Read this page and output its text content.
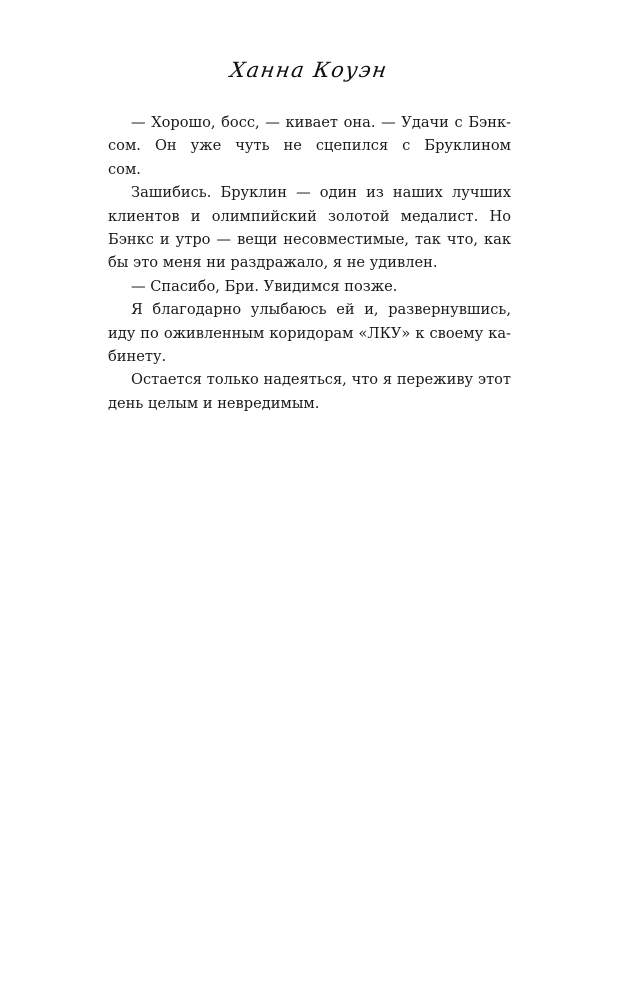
Ханна Коуэн
— Хорошо, босс, — кивает она. — Удачи с Бэнк-
сом. Он уже чуть не сцепился с Бруклином
сом.
Зашибись. Бруклин — один из наших лучших
клиентов и олимпийский золотой медалист. Но
Бэнкс и утро — вещи несовместимые, так что, как
бы это меня ни раздражало, я не удивлен.
— Спасибо, Бри. Увидимся позже.
Я благодарно улыбаюсь ей и, развернувшись,
иду по оживленным коридорам «ЛКУ» к своему ка-
бинету.
Остается только надеяться, что я переживу этот
день целым и невредимым.
